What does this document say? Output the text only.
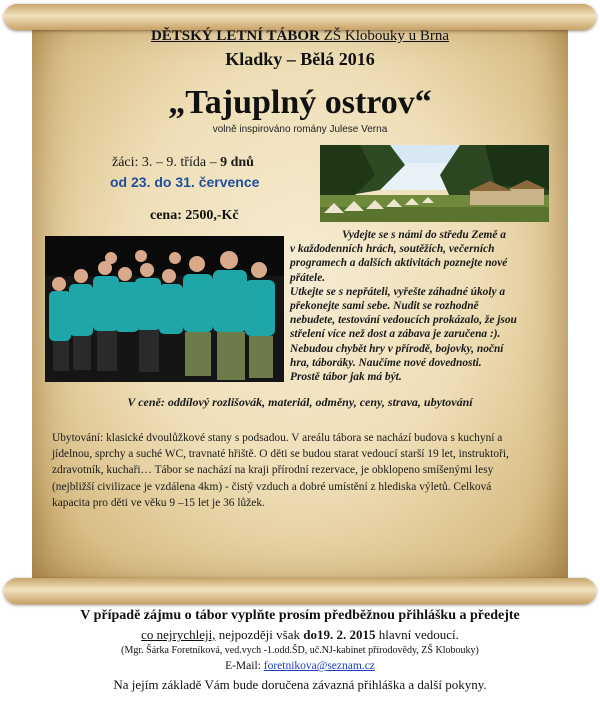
DĚTSKÝ LETNÍ TÁBOR ZŠ Klobouky u Brna
Kladky – Bělá 2016
„Tajuplný ostrov“
volně inspirováno romány Julese Verna
žáci: 3. – 9. třída – 9 dnů
od 23. do 31. července
cena: 2500,-Kč

Vydejte se s námi do středu Země a

v každodenních hrách, soutěžích, večerních

programech a dalších aktivitách poznejte nové

přátele.

Utkejte se s nepřáteli, vyřešte záhadné úkoly a

překonejte sami sebe. Nudit se rozhodně

nebudete, testování vedoucích prokázalo, že jsou

střelení více než dost a zábava je zaručena :).

Nebudou chybět hry v přírodě, bojovky, noční

hra, táboráky. Naučíme nové dovednosti.

Prostě tábor jak má být.

V ceně: oddílový rozlišovák, materiál, odměny, ceny, strava, ubytování
Ubytování: klasické dvoulůžkové stany s podsadou. V areálu tábora se nachází budova s kuchyní a
jídelnou, sprchy a suché WC, travnaté hřiště. O děti se budou starat vedoucí starší 19 let, instruktoři,
zdravotník, kuchaři… Tábor se nachází na kraji přírodní rezervace, je obklopeno smíšenými lesy
(nejbližší civilizace je vzdálena 4km) - čistý vzduch a dobré umístění z hlediska výletů. Celková
kapacita pro děti ve věku 9 –15 let je 36 lůžek.
V případě zájmu o tábor vyplňte prosím předběžnou přihlášku a předejte
co nejrychleji, nejpozději však do19. 2. 2015 hlavní vedoucí.
(Mgr. Šárka Foretníková, ved.vych -1.odd.ŠD, uč.NJ-kabinet přírodovědy, ZŠ Klobouky)
E-Mail: foretnikova@seznam.cz
Na jejím základě Vám bude doručena závazná přihláška a další pokyny.
